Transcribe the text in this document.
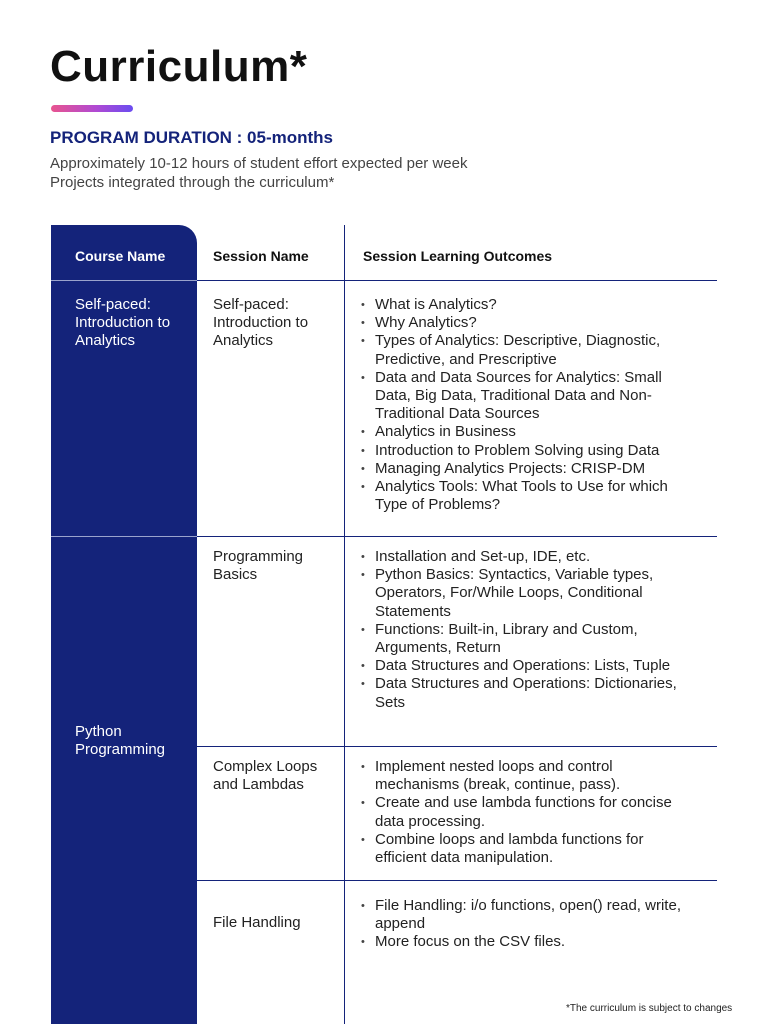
Curriculum*
PROGRAM DURATION : 05-months
Approximately 10-12 hours of student effort expected per week
Projects integrated through the curriculum*
Course Name	Session Name	Session Learning Outcomes
Self-paced: Introduction to Analytics
Self-paced: Introduction to Analytics
• What is Analytics?
• Why Analytics?
• Types of Analytics: Descriptive, Diagnostic, Predictive, and Prescriptive
• Data and Data Sources for Analytics: Small Data, Big Data, Traditional Data and Non-Traditional Data Sources
• Analytics in Business
• Introduction to Problem Solving using Data
• Managing Analytics Projects: CRISP-DM
• Analytics Tools: What Tools to Use for which Type of Problems?
Python Programming
Programming Basics
• Installation and Set-up, IDE, etc.
• Python Basics: Syntactics, Variable types, Operators, For/While Loops, Conditional Statements
• Functions: Built-in, Library and Custom, Arguments, Return
• Data Structures and Operations: Lists, Tuple
• Data Structures and Operations: Dictionaries, Sets
Complex Loops and Lambdas
• Implement nested loops and control mechanisms (break, continue, pass).
• Create and use lambda functions for concise data processing.
• Combine loops and lambda functions for efficient data manipulation.
File Handling
• File Handling: i/o functions, open() read, write, append
• More focus on the CSV files.
*The curriculum is subject to changes
